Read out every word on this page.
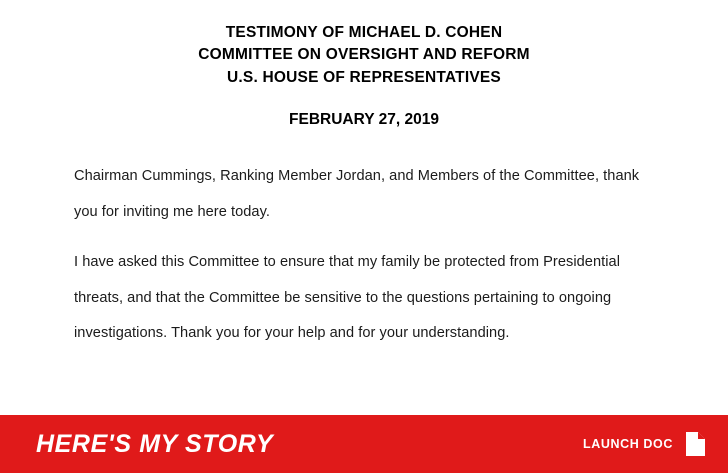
TESTIMONY OF MICHAEL D. COHEN
COMMITTEE ON OVERSIGHT AND REFORM
U.S. HOUSE OF REPRESENTATIVES
FEBRUARY 27, 2019

Chairman Cummings, Ranking Member Jordan, and Members of the Committee, thank you for inviting me here today.

I have asked this Committee to ensure that my family be protected from Presidential threats, and that the Committee be sensitive to the questions pertaining to ongoing investigations. Thank you for your help and for your understanding.

HERE'S MY STORY	LAUNCH DOC
